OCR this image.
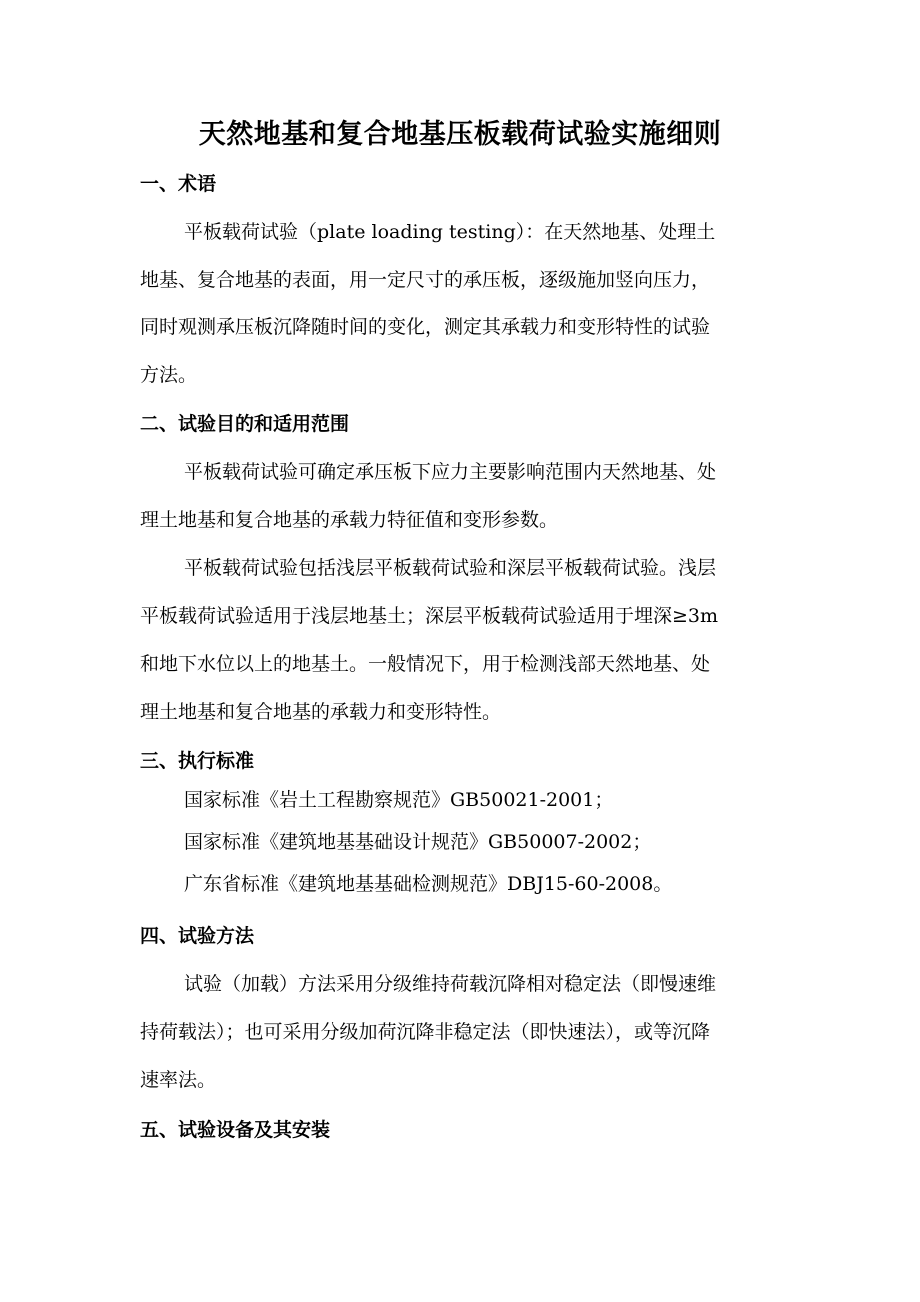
天然地基和复合地基压板载荷试验实施细则
一、术语
平板载荷试验（plate loading testing）：在天然地基、处理土
地基、复合地基的表面，用一定尺寸的承压板，逐级施加竖向压力，
同时观测承压板沉降随时间的变化，测定其承载力和变形特性的试验
方法。
二、试验目的和适用范围
平板载荷试验可确定承压板下应力主要影响范围内天然地基、处
理土地基和复合地基的承载力特征值和变形参数。
平板载荷试验包括浅层平板载荷试验和深层平板载荷试验。浅层
平板载荷试验适用于浅层地基土；深层平板载荷试验适用于埋深≥3m
和地下水位以上的地基土。一般情况下，用于检测浅部天然地基、处
理土地基和复合地基的承载力和变形特性。
三、执行标准
国家标准《岩土工程勘察规范》GB50021-2001；
国家标准《建筑地基基础设计规范》GB50007-2002；
广东省标准《建筑地基基础检测规范》DBJ15-60-2008。
四、试验方法
试验（加载）方法采用分级维持荷载沉降相对稳定法（即慢速维
持荷载法）；也可采用分级加荷沉降非稳定法（即快速法），或等沉降
速率法。
五、试验设备及其安装
